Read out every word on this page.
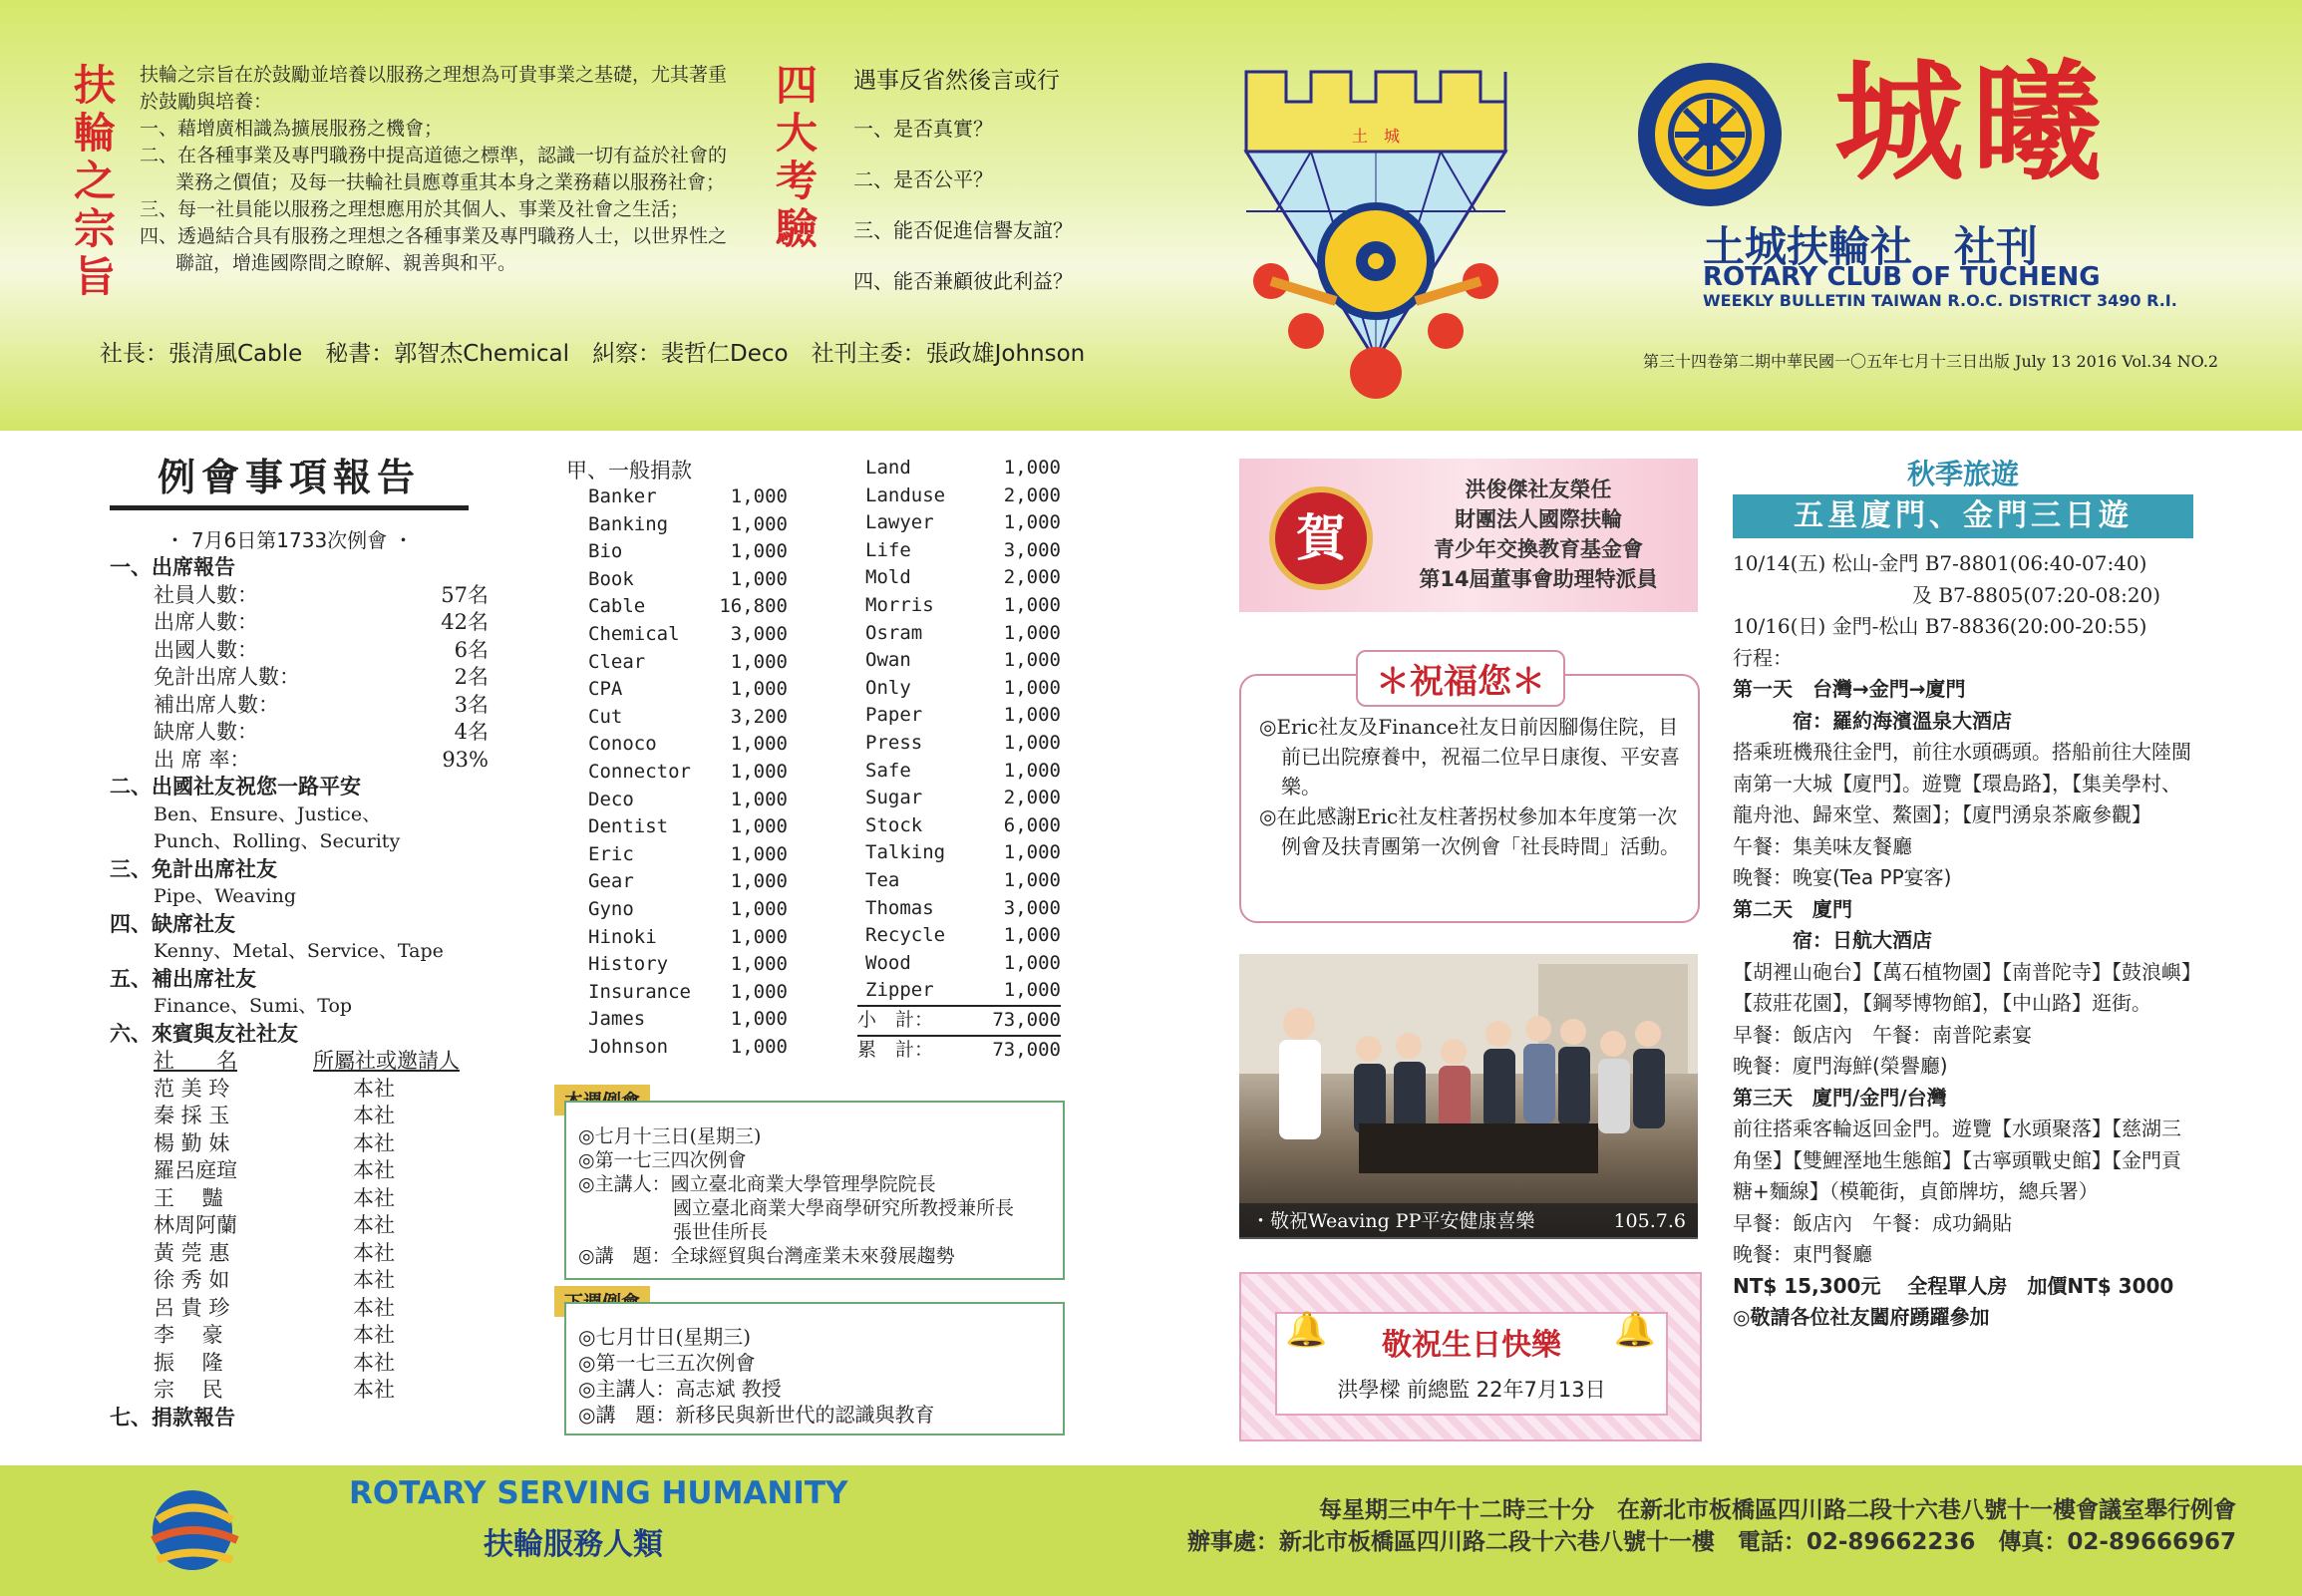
扶輪之宗旨
扶輪之宗旨在於鼓勵並培養以服務之理想為可貴事業之基礎，尤其著重於鼓勵與培養：
一、藉增廣相識為擴展服務之機會；
二、在各種事業及專門職務中提高道德之標準，認識一切有益於社會的業務之價值；及每一扶輪社員應尊重其本身之業務藉以服務社會；
三、每一社員能以服務之理想應用於其個人、事業及社會之生活；
四、透過結合具有服務之理想之各種事業及專門職務人士，以世界性之聯誼，增進國際間之瞭解、親善與和平。
四大考驗
遇事反省然後言或行
一、是否真實？
二、是否公平？
三、能否促進信譽友誼？
四、能否兼顧彼此利益？
社長：張清風Cable　秘書：郭智杰Chemical　糾察：裴哲仁Deco　社刊主委：張政雄Johnson
土　城	城曦
土城扶輪社　社刊
ROTARY CLUB OF TUCHENG
WEEKLY BULLETIN TAIWAN R.O.C. DISTRICT 3490 R.I.
第三十四卷第二期中華民國一〇五年七月十三日出版 July 13 2016 Vol.34 NO.2
例會事項報告
・ 7月6日第1733次例會 ・
一、出席報告
社員人數：	57名
出席人數：	42名
出國人數：	6名
免計出席人數：	2名
補出席人數：	3名
缺席人數：	4名
出 席 率：	93%
二、出國社友祝您一路平安
Ben、Ensure、Justice、
Punch、Rolling、Security
三、免計出席社友
Pipe、Weaving
四、缺席社友
Kenny、Metal、Service、Tape
五、補出席社友
Finance、Sumi、Top
六、來賓與友社社友
社　　名	所屬社或邀請人
范 美 玲	本社
秦 採 玉	本社
楊 勤 妹	本社
羅呂庭瑄	本社
王　 豔	本社
林周阿蘭	本社
黃 莞 惠	本社
徐 秀 如	本社
呂 貴 珍	本社
李　 豪	本社
振　 隆	本社
宗　 民	本社
七、捐款報告
甲、一般捐款
Banker	1,000
Banking	1,000
Bio	1,000
Book	1,000
Cable	16,800
Chemical	3,000
Clear	1,000
CPA	1,000
Cut	3,200
Conoco	1,000
Connector 1,000
Deco	1,000
Dentist	1,000
Eric	1,000
Gear	1,000
Gyno	1,000
Hinoki	1,000
History	1,000
Insurance 1,000
James	1,000
Johnson	1,000
Land	1,000
Landuse	2,000
Lawyer	1,000
Life	3,000
Mold	2,000
Morris	1,000
Osram	1,000
Owan	1,000
Only	1,000
Paper	1,000
Press	1,000
Safe	1,000
Sugar	2,000
Stock	6,000
Talking	1,000
Tea	1,000
Thomas	3,000
Recycle	1,000
Wood	1,000
Zipper	1,000
小　計：	73,000
累　計：	73,000
◎七月十三日(星期三)
◎第一七三四次例會
◎主講人：國立臺北商業大學管理學院院長
　　　　　國立臺北商業大學商學研究所教授兼所長
　　　　　張世佳所長
◎講　題：全球經貿與台灣產業未來發展趨勢
◎七月廿日(星期三)
◎第一七三五次例會
◎主講人：高志斌 教授
◎講　題：新移民與新世代的認識與教育
賀
洪俊傑社友榮任
財團法人國際扶輪
青少年交換教育基金會
第14屆董事會助理特派員
◎Eric社友及Finance社友日前因腳傷住院，目前已出院療養中，祝福二位早日康復、平安喜樂。
◎在此感謝Eric社友柱著拐杖參加本年度第一次例會及扶青團第一次例會「社長時間」活動。
＊祝福您＊
・敬祝Weaving PP平安健康喜樂	105.7.6
敬祝生日快樂
洪學樑 前總監 22年7月13日
🔔	🔔
秋季旅遊
五星廈門、金門三日遊
10/14(五) 松山-金門 B7-8801(06:40-07:40)
　　　　　　　　　及 B7-8805(07:20-08:20)
10/16(日) 金門-松山 B7-8836(20:00-20:55)
行程：
第一天　台灣→金門→廈門
　　　宿：羅約海濱溫泉大酒店
搭乘班機飛往金門，前往水頭碼頭。搭船前往大陸閩南第一大城【廈門】。遊覽【環島路】，【集美學村、龍舟池、歸來堂、鰲園】；【廈門湧泉茶廠參觀】
午餐：集美味友餐廳
晚餐：晚宴(Tea PP宴客)
第二天　廈門
　　　宿：日航大酒店
【胡裡山砲台】【萬石植物園】【南普陀寺】【鼓浪嶼】【菽莊花園】，【鋼琴博物館】，【中山路】逛街。
早餐：飯店內　午餐：南普陀素宴
晚餐：廈門海鮮(榮譽廳)
第三天　廈門/金門/台灣
前往搭乘客輪返回金門。遊覽【水頭聚落】【慈湖三角堡】【雙鯉溼地生態館】【古寧頭戰史館】【金門貢糖+麵線】（模範街，貞節牌坊，總兵署）
早餐：飯店內　午餐：成功鍋貼
晚餐：東門餐廳
NT$ 15,300元　 全程單人房　加價NT$ 3000
◎敬請各位社友闔府踴躍參加
ROTARY SERVING HUMANITY
扶輪服務人類
每星期三中午十二時三十分　在新北市板橋區四川路二段十六巷八號十一樓會議室舉行例會
辦事處：新北市板橋區四川路二段十六巷八號十一樓　電話：02-89662236　傳真：02-89666967
